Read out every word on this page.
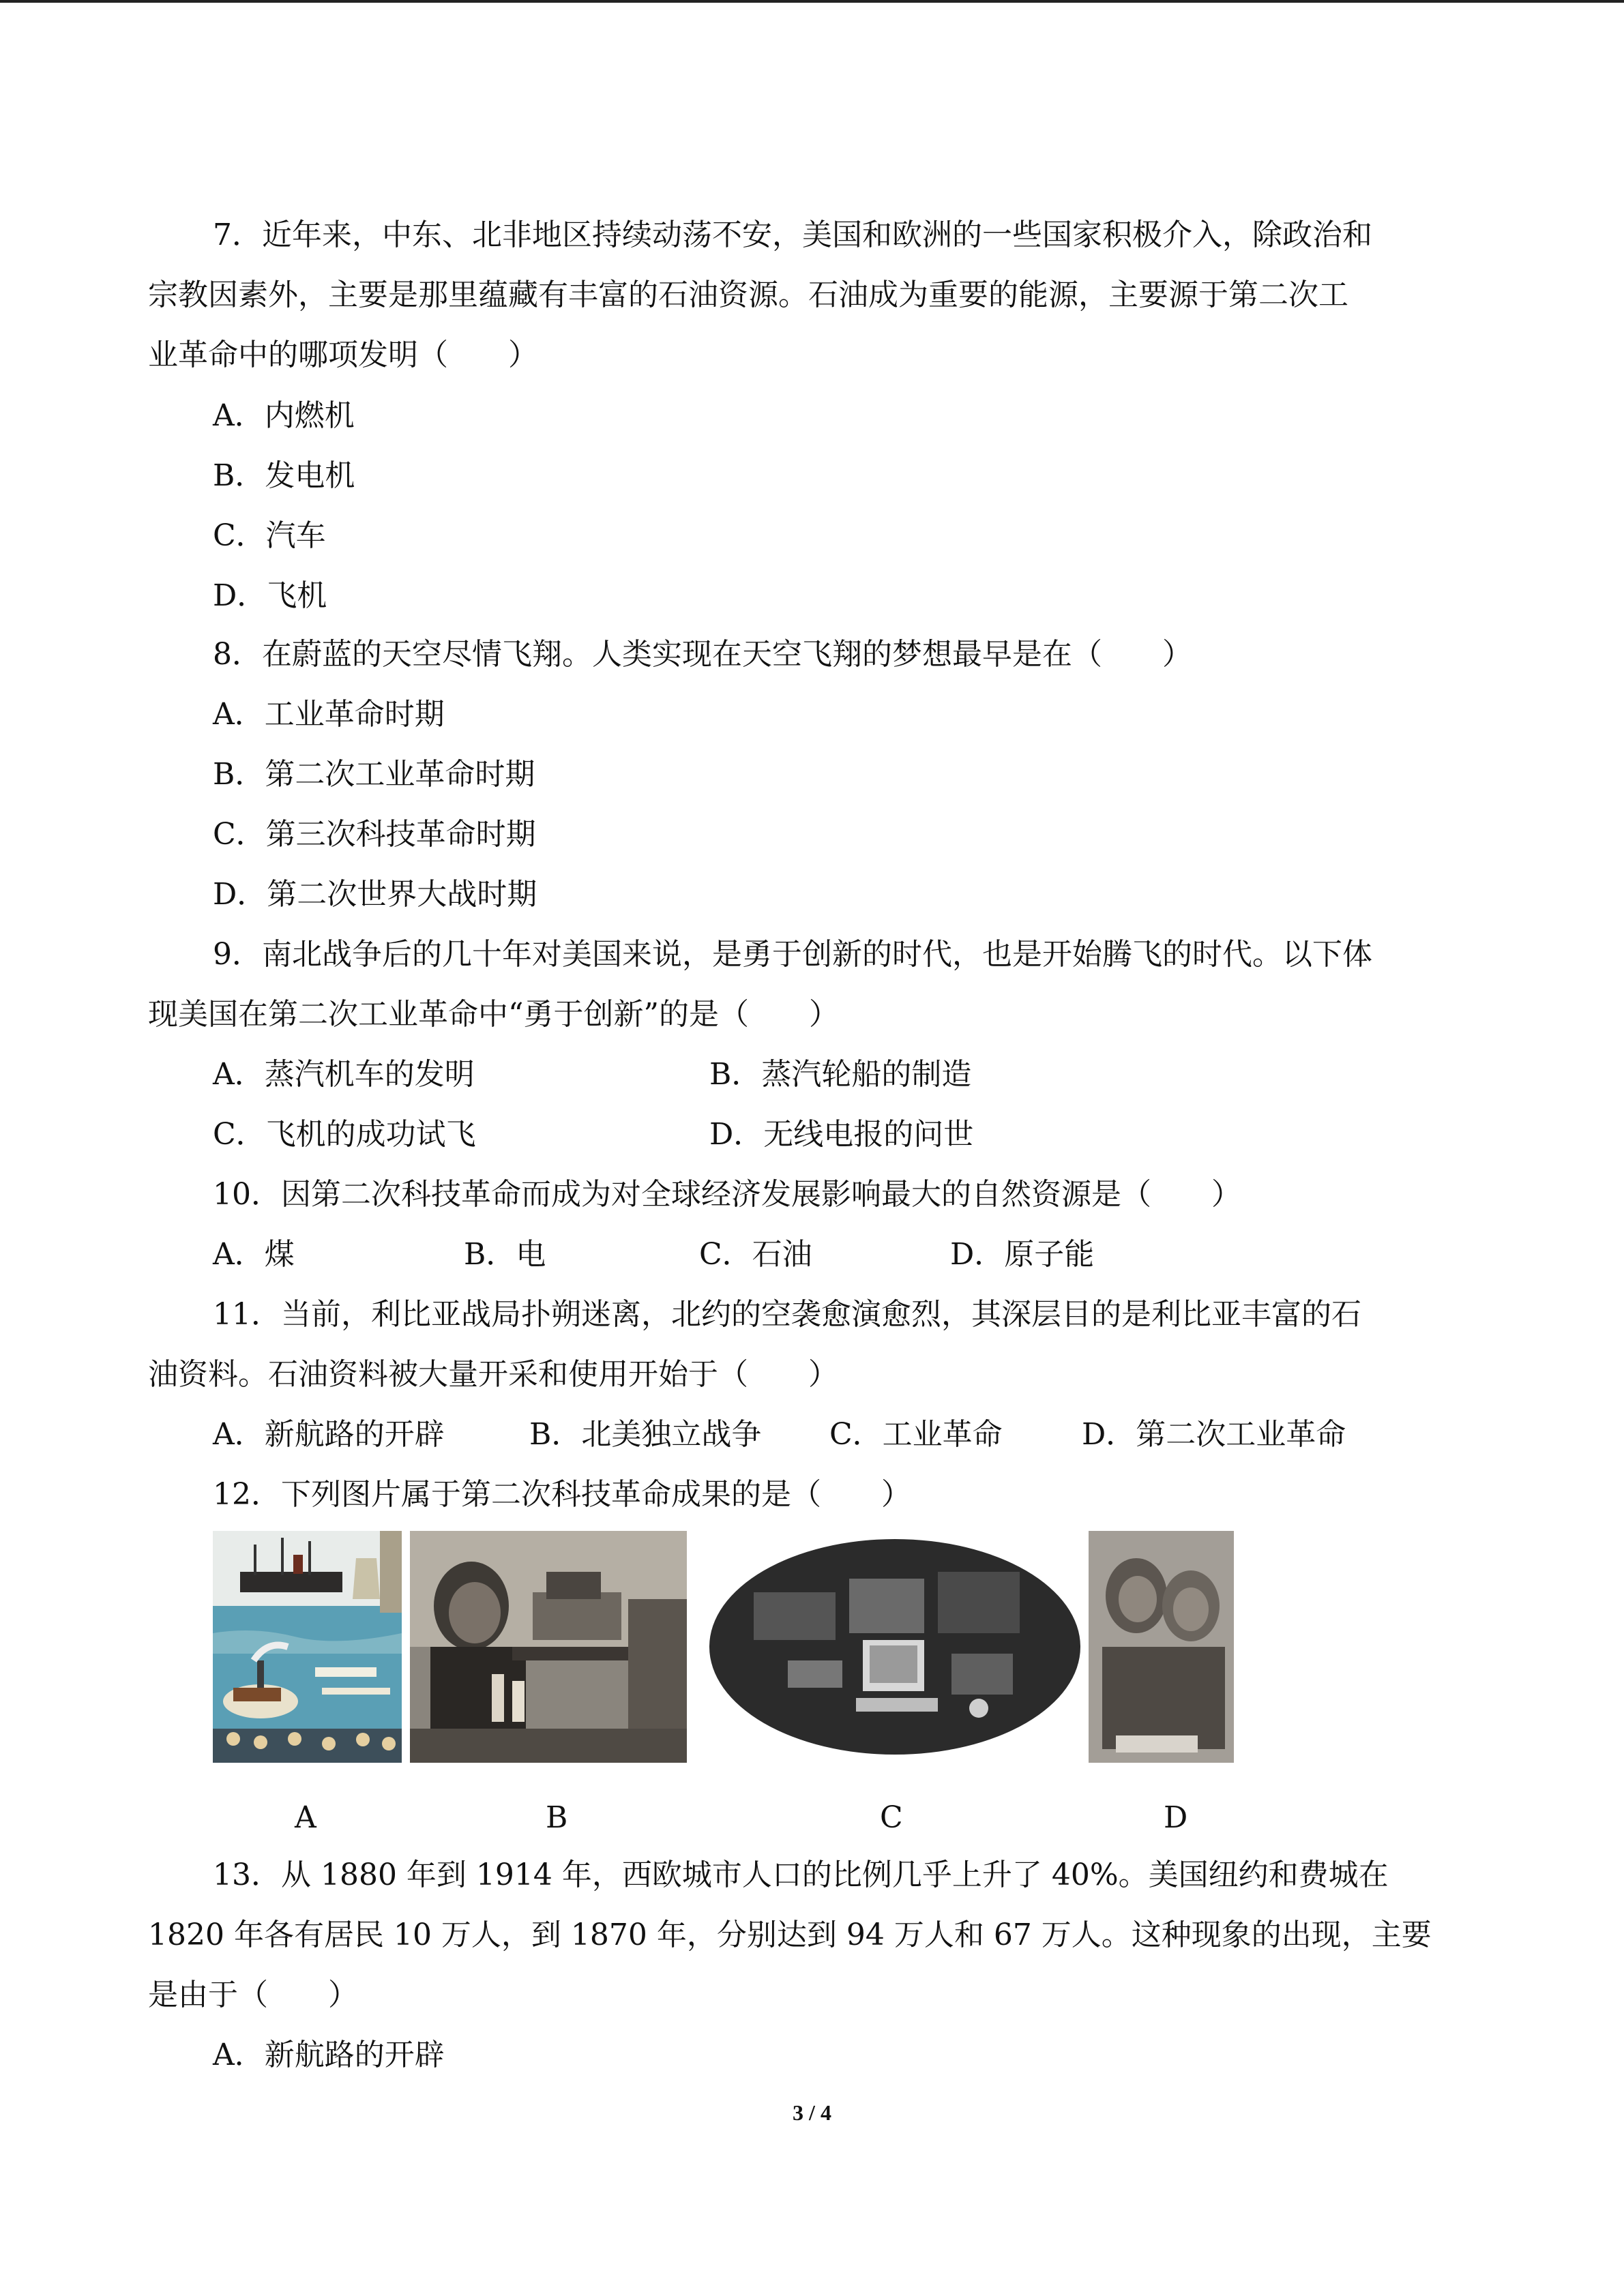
7．近年来，中东、北非地区持续动荡不安，美国和欧洲的一些国家积极介入，除政治和
宗教因素外，主要是那里蕴藏有丰富的石油资源。石油成为重要的能源，主要源于第二次工
业革命中的哪项发明（　　）
A．内燃机
B．发电机
C．汽车
D．飞机
8．在蔚蓝的天空尽情飞翔。人类实现在天空飞翔的梦想最早是在（　　）
A．工业革命时期
B．第二次工业革命时期
C．第三次科技革命时期
D．第二次世界大战时期
9．南北战争后的几十年对美国来说，是勇于创新的时代，也是开始腾飞的时代。以下体
现美国在第二次工业革命中“勇于创新”的是（　　）
A．蒸汽机车的发明	B．蒸汽轮船的制造
C．飞机的成功试飞	D．无线电报的问世
10．因第二次科技革命而成为对全球经济发展影响最大的自然资源是（　　）
A．煤	B．电	C．石油	D．原子能
11．当前，利比亚战局扑朔迷离，北约的空袭愈演愈烈，其深层目的是利比亚丰富的石
油资料。石油资料被大量开采和使用开始于（　　）
A．新航路的开辟	B．北美独立战争 C．工业革命	D．第二次工业革命
12．下列图片属于第二次科技革命成果的是（　　）
A	B	C	D
13．从 1880 年到 1914 年，西欧城市人口的比例几乎上升了 40%。美国纽约和费城在
1820 年各有居民 10 万人，到 1870 年，分别达到 94 万人和 67 万人。这种现象的出现，主要
是由于（　　）
A．新航路的开辟
3 / 4
